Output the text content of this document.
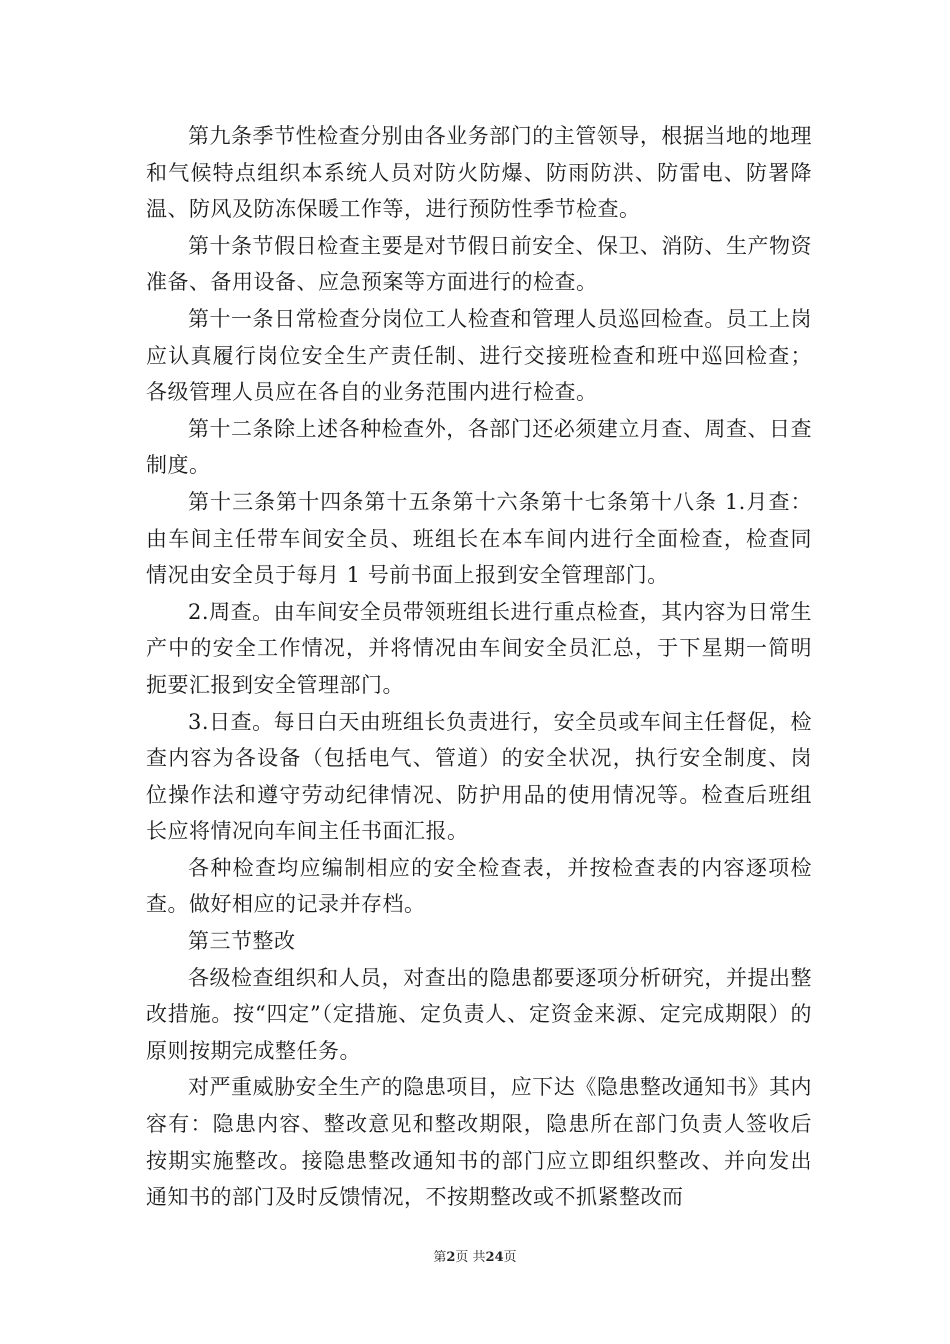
第九条季节性检查分别由各业务部门的主管领导，根据当地的地理和气候特点组织本系统人员对防火防爆、防雨防洪、防雷电、防署降温、防风及防冻保暖工作等，进行预防性季节检查。

第十条节假日检查主要是对节假日前安全、保卫、消防、生产物资准备、备用设备、应急预案等方面进行的检查。

第十一条日常检查分岗位工人检查和管理人员巡回检查。员工上岗应认真履行岗位安全生产责任制、进行交接班检查和班中巡回检查；各级管理人员应在各自的业务范围内进行检查。

第十二条除上述各种检查外，各部门还必须建立月查、周查、日查制度。

第十三条第十四条第十五条第十六条第十七条第十八条 1.月查：由车间主任带车间安全员、班组长在本车间内进行全面检查，检查同情况由安全员于每月 1 号前书面上报到安全管理部门。

2.周查。由车间安全员带领班组长进行重点检查，其内容为日常生产中的安全工作情况，并将情况由车间安全员汇总，于下星期一简明扼要汇报到安全管理部门。

3.日查。每日白天由班组长负责进行，安全员或车间主任督促，检查内容为各设备（包括电气、管道）的安全状况，执行安全制度、岗位操作法和遵守劳动纪律情况、防护用品的使用情况等。检查后班组长应将情况向车间主任书面汇报。

各种检查均应编制相应的安全检查表，并按检查表的内容逐项检查。做好相应的记录并存档。

第三节整改

各级检查组织和人员，对查出的隐患都要逐项分析研究，并提出整改措施。按“四定”（定措施、定负责人、定资金来源、定完成期限）的原则按期完成整任务。

对严重威胁安全生产的隐患项目，应下达《隐患整改通知书》其内容有：隐患内容、整改意见和整改期限，隐患所在部门负责人签收后按期实施整改。接隐患整改通知书的部门应立即组织整改、并向发出通知书的部门及时反馈情况，不按期整改或不抓紧整改而

第2页 共24页
